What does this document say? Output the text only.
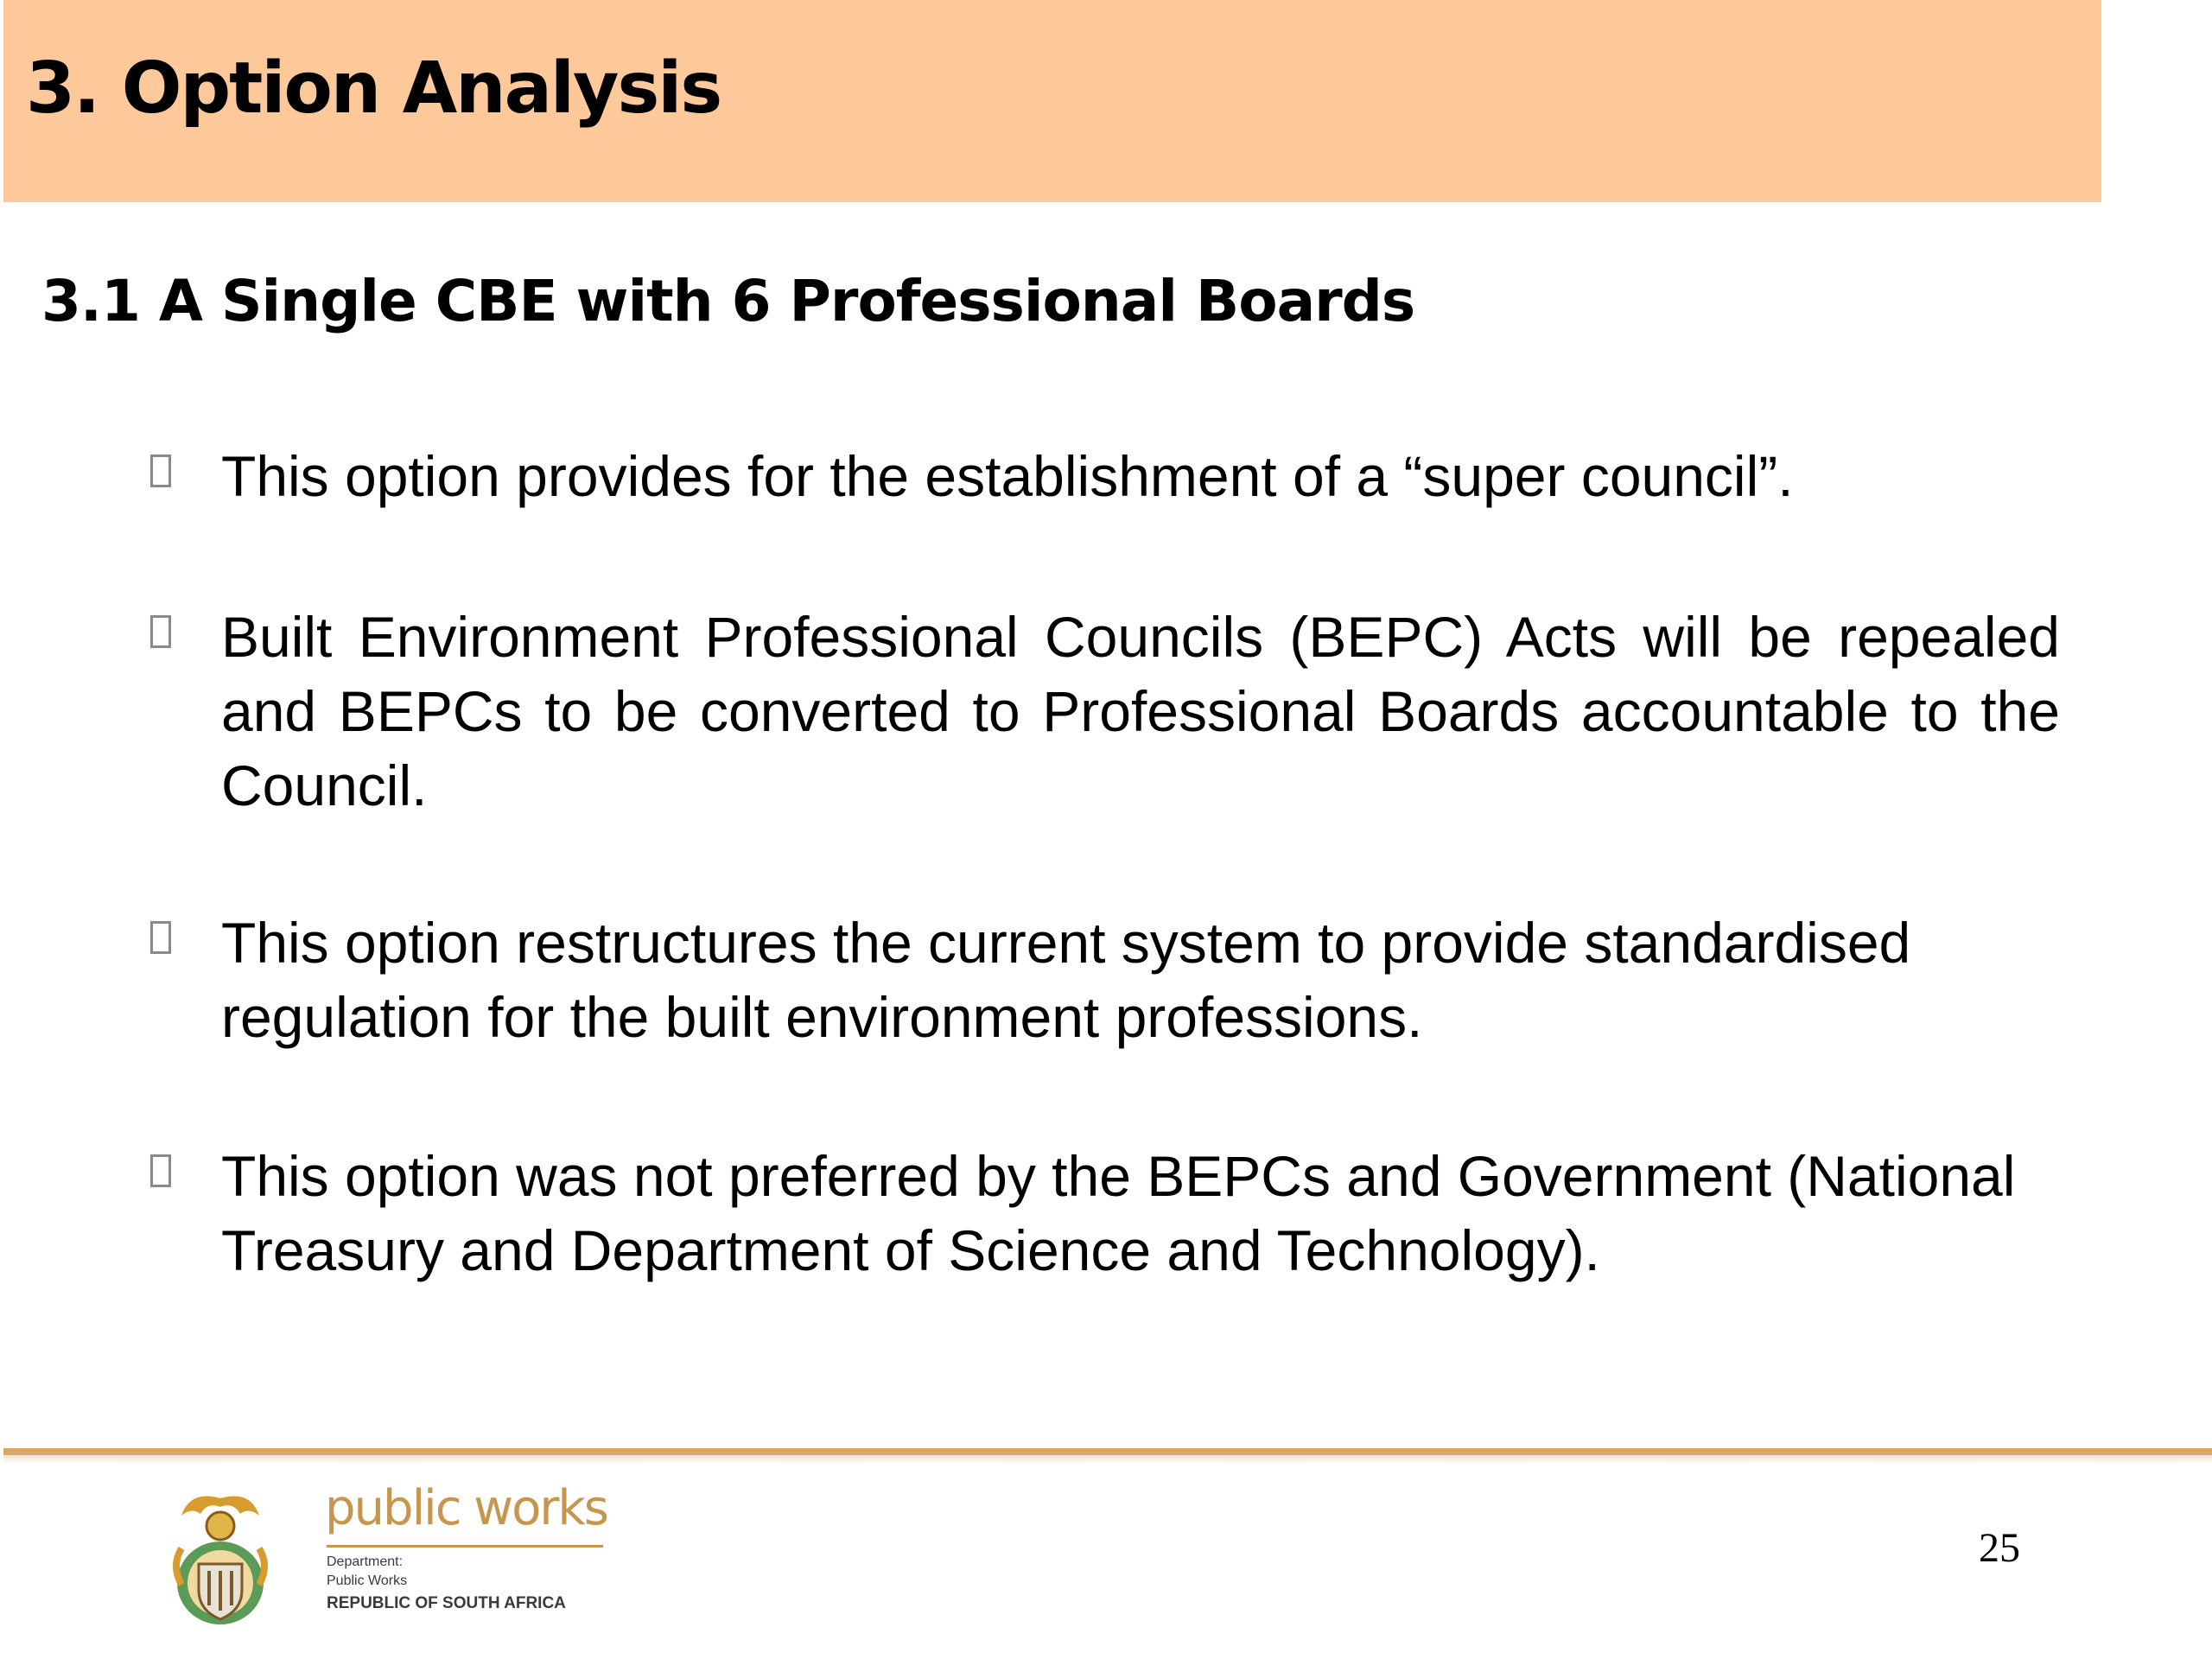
3. Option Analysis
3.1 A Single CBE with 6 Professional Boards
This option provides for the establishment of a “super council”.
Built Environment Professional Councils (BEPC) Acts will be repealed and BEPCs to be converted to Professional Boards accountable to the Council.
This option restructures the current system to provide standardised regulation for the built environment professions.
This option was not preferred by the BEPCs and Government (National Treasury and Department of Science and Technology).
public works
Department:
Public Works
REPUBLIC OF SOUTH AFRICA
25
